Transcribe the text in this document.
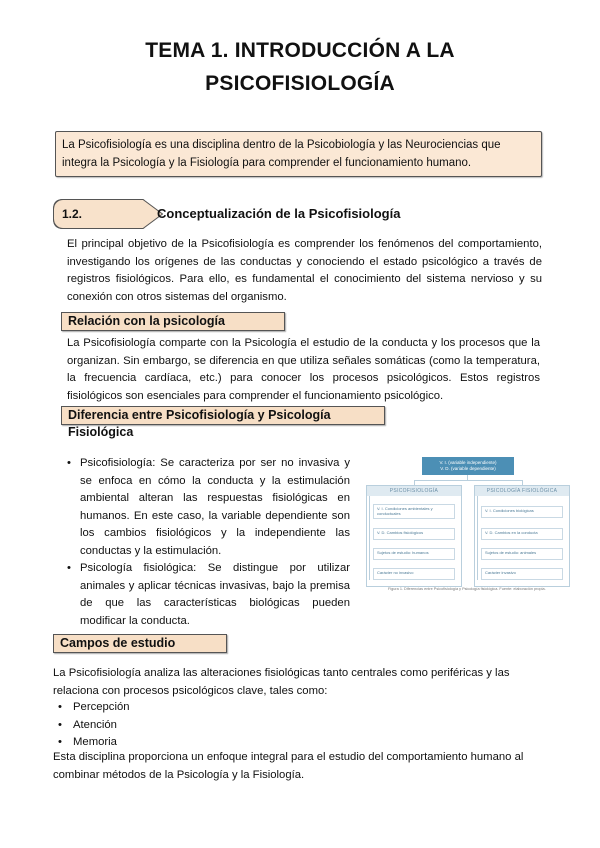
TEMA 1. INTRODUCCIÓN A LA
PSICOFISIOLOGÍA
La Psicofisiología es una disciplina dentro de la Psicobiología y las Neurociencias que integra la Psicología y la Fisiología para comprender el funcionamiento humano.
1.2.	Conceptualización de la Psicofisiología

El principal objetivo de la Psicofisiología es comprender los fenómenos del comportamiento, investigando los orígenes de las conductas y conociendo el estado psicológico a través de registros fisiológicos. Para ello, es fundamental el conocimiento del sistema nervioso y su conexión con otros sistemas del organismo.

Relación con la psicología

La Psicofisiología comparte con la Psicología el estudio de la conducta y los procesos que la organizan. Sin embargo, se diferencia en que utiliza señales somáticas (como la temperatura, la frecuencia cardíaca, etc.) para conocer los procesos psicológicos. Estos registros fisiológicos son esenciales para comprender el funcionamiento psicológico.

Diferencia entre Psicofisiología y Psicología Fisiológica
• Psicofisiología: Se caracteriza por ser no invasiva y se enfoca en cómo la conducta y la estimulación ambiental alteran las respuestas fisiológicas en humanos. En este caso, la variable dependiente son los cambios fisiológicos y la independiente las conductas y la estimulación.
• Psicología fisiológica: Se distingue por utilizar animales y aplicar técnicas invasivas, bajo la premisa de que las características biológicas pueden modificar la conducta.
V. I. (variable independiente)
V. D. (variable dependiente)
PSICOFISIOLOGÍA
V. I. Condiciones ambientales y conductuales
V. D. Cambios fisiológicos
Sujetos de estudio: humanos
Carácter no invasivo
PSICOLOGÍA FISIOLÓGICA
V. I. Condiciones biológicas
V. D. Cambios en la conducta
Sujetos de estudio: animales
Carácter invasivo
Figura 1. Diferencias entre Psicofisiología y Psicología fisiológica. Fuente: elaboración propia.
Campos de estudio

La Psicofisiología analiza las alteraciones fisiológicas tanto centrales como periféricas y las relaciona con procesos psicológicos clave, tales como:

• Percepción
• Atención
• Memoria

Esta disciplina proporciona un enfoque integral para el estudio del comportamiento humano al combinar métodos de la Psicología y la Fisiología.
